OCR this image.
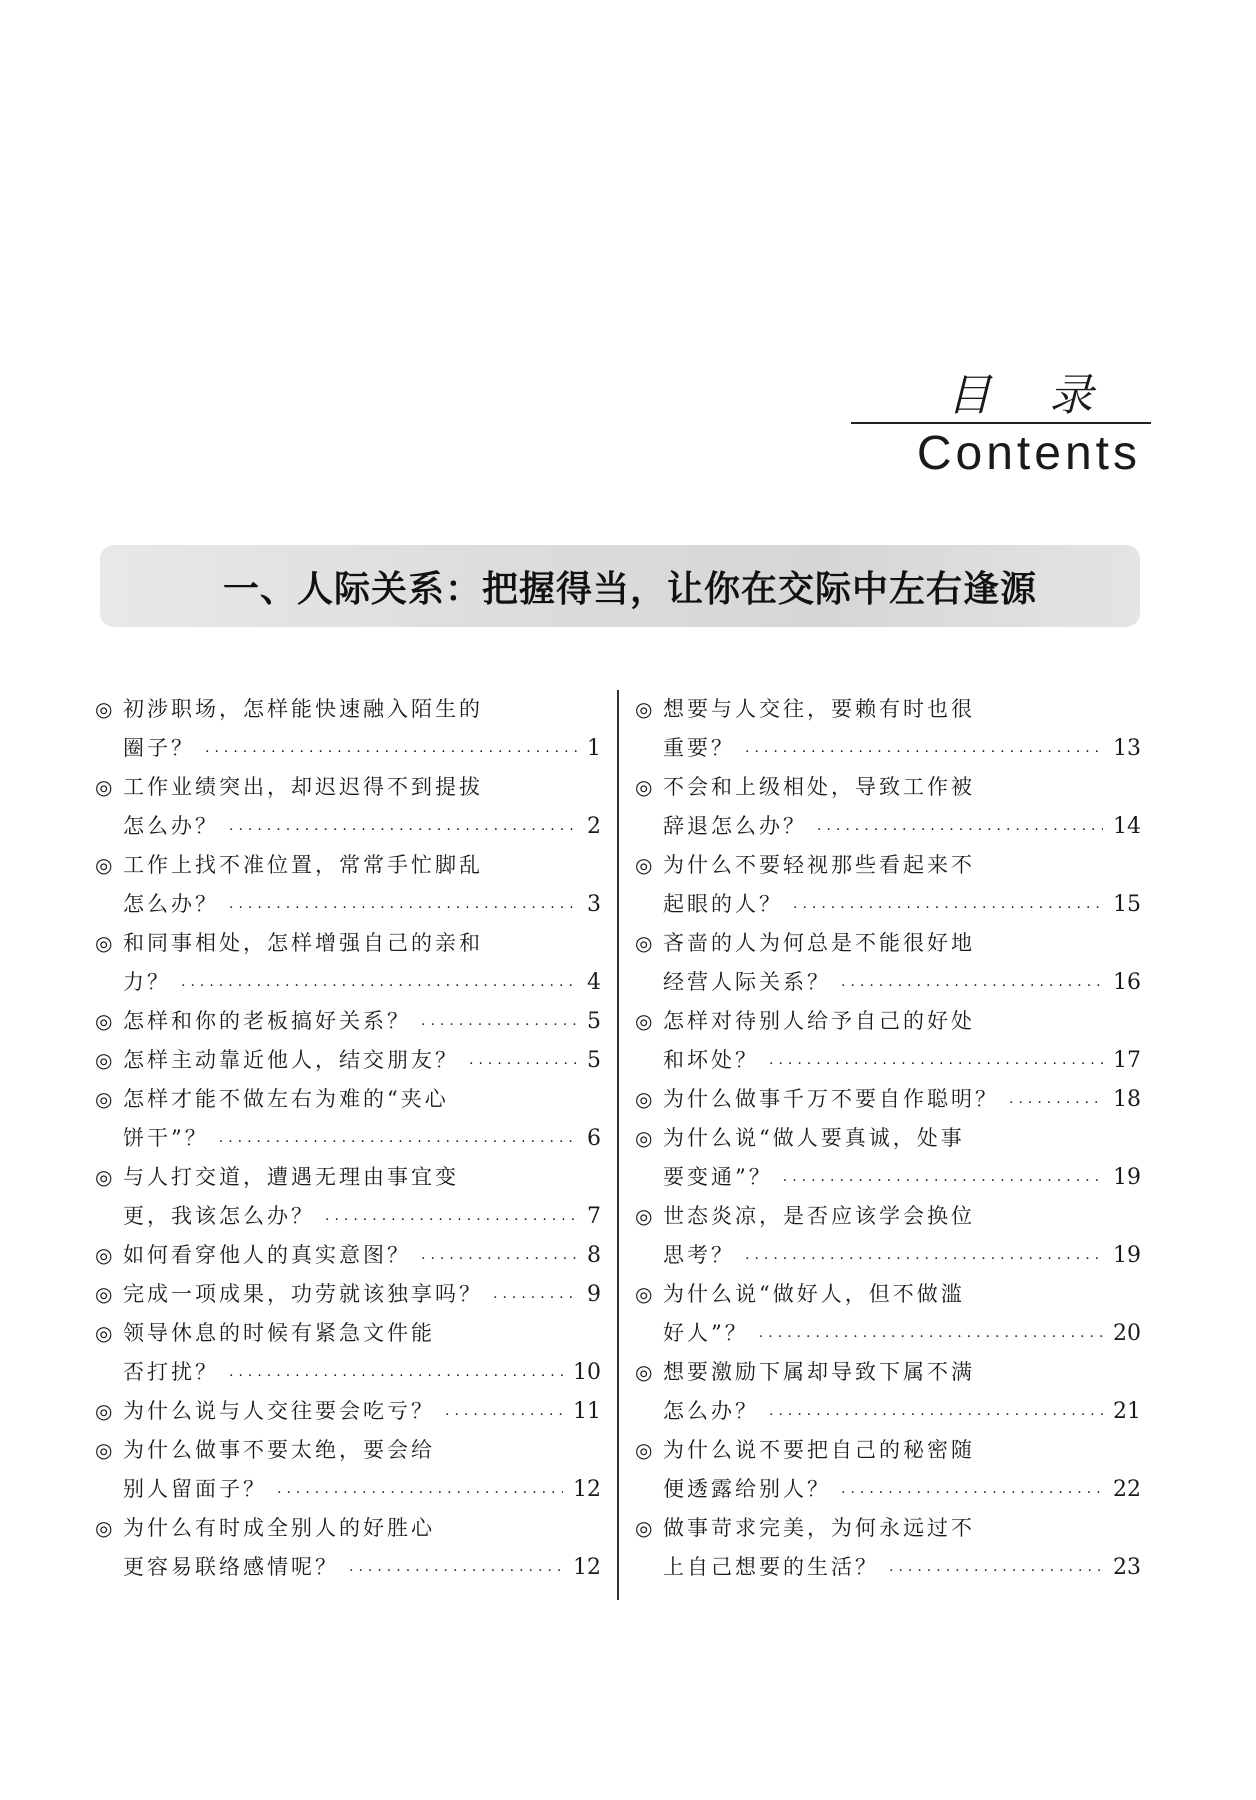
目录
Contents
一、人际关系：把握得当，让你在交际中左右逢源
◎ 初涉职场，怎样能快速融入陌生的
圈子？ .....	1
◎ 工作业绩突出，却迟迟得不到提拔
怎么办？ .....	2
◎ 工作上找不准位置，常常手忙脚乱
怎么办？ .....	3
◎ 和同事相处，怎样增强自己的亲和
力？ .....	4
◎ 怎样和你的老板搞好关系？ .....	5
◎ 怎样主动靠近他人，结交朋友？ .....	5
◎ 怎样才能不做左右为难的“夹心
饼干”？ .....	6
◎ 与人打交道，遭遇无理由事宜变
更，我该怎么办？ .....	7
◎ 如何看穿他人的真实意图？ .....	8
◎ 完成一项成果，功劳就该独享吗？ .....	9
◎ 领导休息的时候有紧急文件能
否打扰？ .....	10
◎ 为什么说与人交往要会吃亏？ .....	11
◎ 为什么做事不要太绝，要会给
别人留面子？ .....	12
◎ 为什么有时成全别人的好胜心
更容易联络感情呢？ .....	12
◎ 想要与人交往，要赖有时也很
重要？ .....	13
◎ 不会和上级相处，导致工作被
辞退怎么办？ .....	14
◎ 为什么不要轻视那些看起来不
起眼的人？ .....	15
◎ 吝啬的人为何总是不能很好地
经营人际关系？ .....	16
◎ 怎样对待别人给予自己的好处
和坏处？ .....	17
◎ 为什么做事千万不要自作聪明？ .....	18
◎ 为什么说“做人要真诚，处事
要变通”？ .....	19
◎ 世态炎凉，是否应该学会换位
思考？ .....	19
◎ 为什么说“做好人，但不做滥
好人”？ .....	20
◎ 想要激励下属却导致下属不满
怎么办？ .....	21
◎ 为什么说不要把自己的秘密随
便透露给别人？ .....	22
◎ 做事苛求完美，为何永远过不
上自己想要的生活？ .....	23
